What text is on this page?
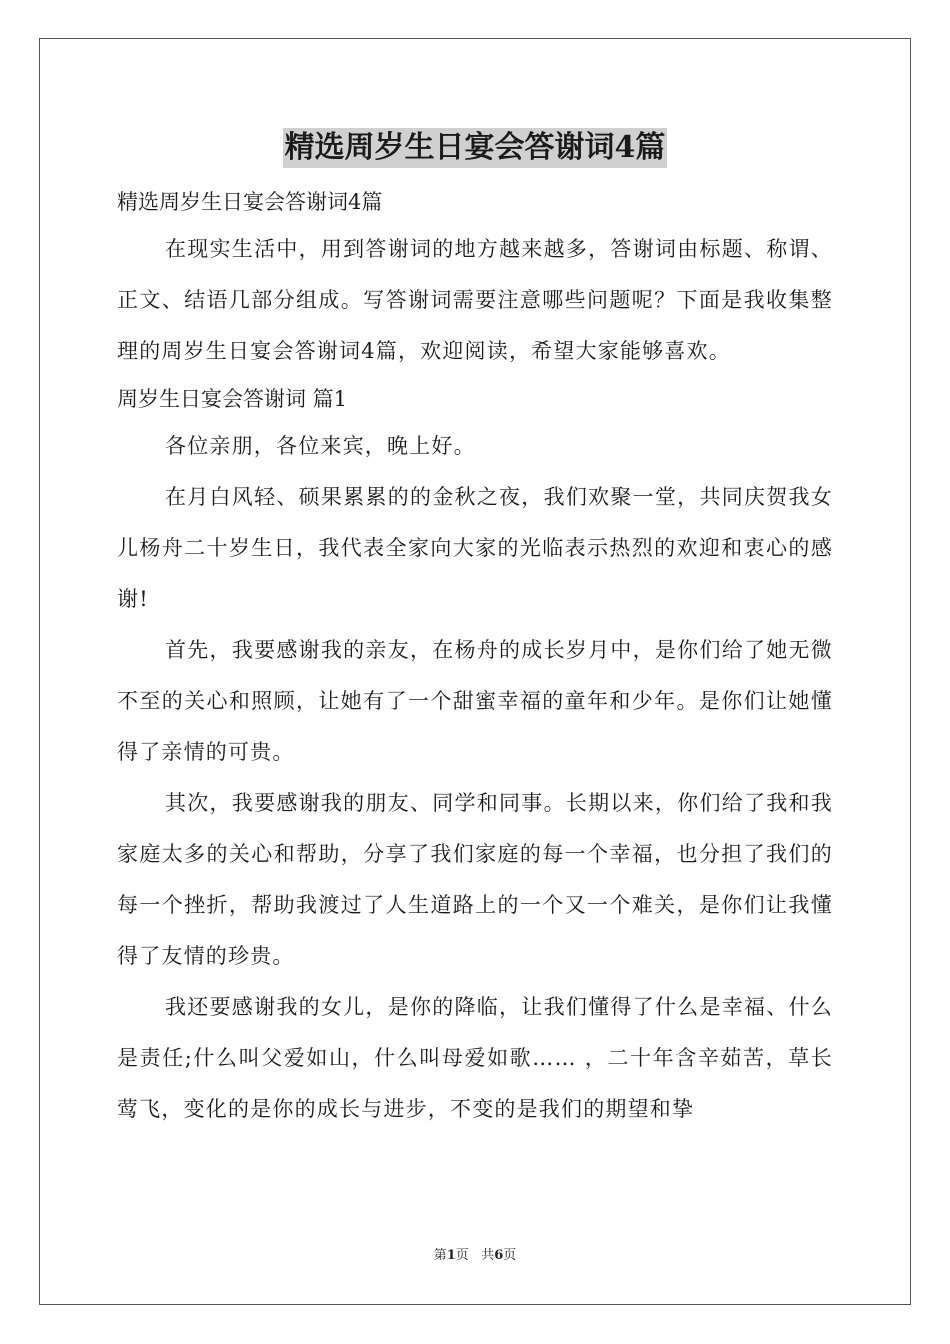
精选周岁生日宴会答谢词4篇
精选周岁生日宴会答谢词4篇

在现实生活中，用到答谢词的地方越来越多，答谢词由标题、称谓、正文、结语几部分组成。写答谢词需要注意哪些问题呢？下面是我收集整理的周岁生日宴会答谢词4篇，欢迎阅读，希望大家能够喜欢。

周岁生日宴会答谢词 篇1

各位亲朋，各位来宾，晚上好。

在月白风轻、硕果累累的的金秋之夜，我们欢聚一堂，共同庆贺我女儿杨舟二十岁生日，我代表全家向大家的光临表示热烈的欢迎和衷心的感谢!

首先，我要感谢我的亲友，在杨舟的成长岁月中，是你们给了她无微不至的关心和照顾，让她有了一个甜蜜幸福的童年和少年。是你们让她懂得了亲情的可贵。

其次，我要感谢我的朋友、同学和同事。长期以来，你们给了我和我家庭太多的关心和帮助，分享了我们家庭的每一个幸福，也分担了我们的每一个挫折，帮助我渡过了人生道路上的一个又一个难关，是你们让我懂得了友情的珍贵。

我还要感谢我的女儿，是你的降临，让我们懂得了什么是幸福、什么是责任;什么叫父爱如山，什么叫母爱如歌…… ，二十年含辛茹苦，草长莺飞，变化的是你的成长与进步，不变的是我们的期望和挚

第1页   共6页
